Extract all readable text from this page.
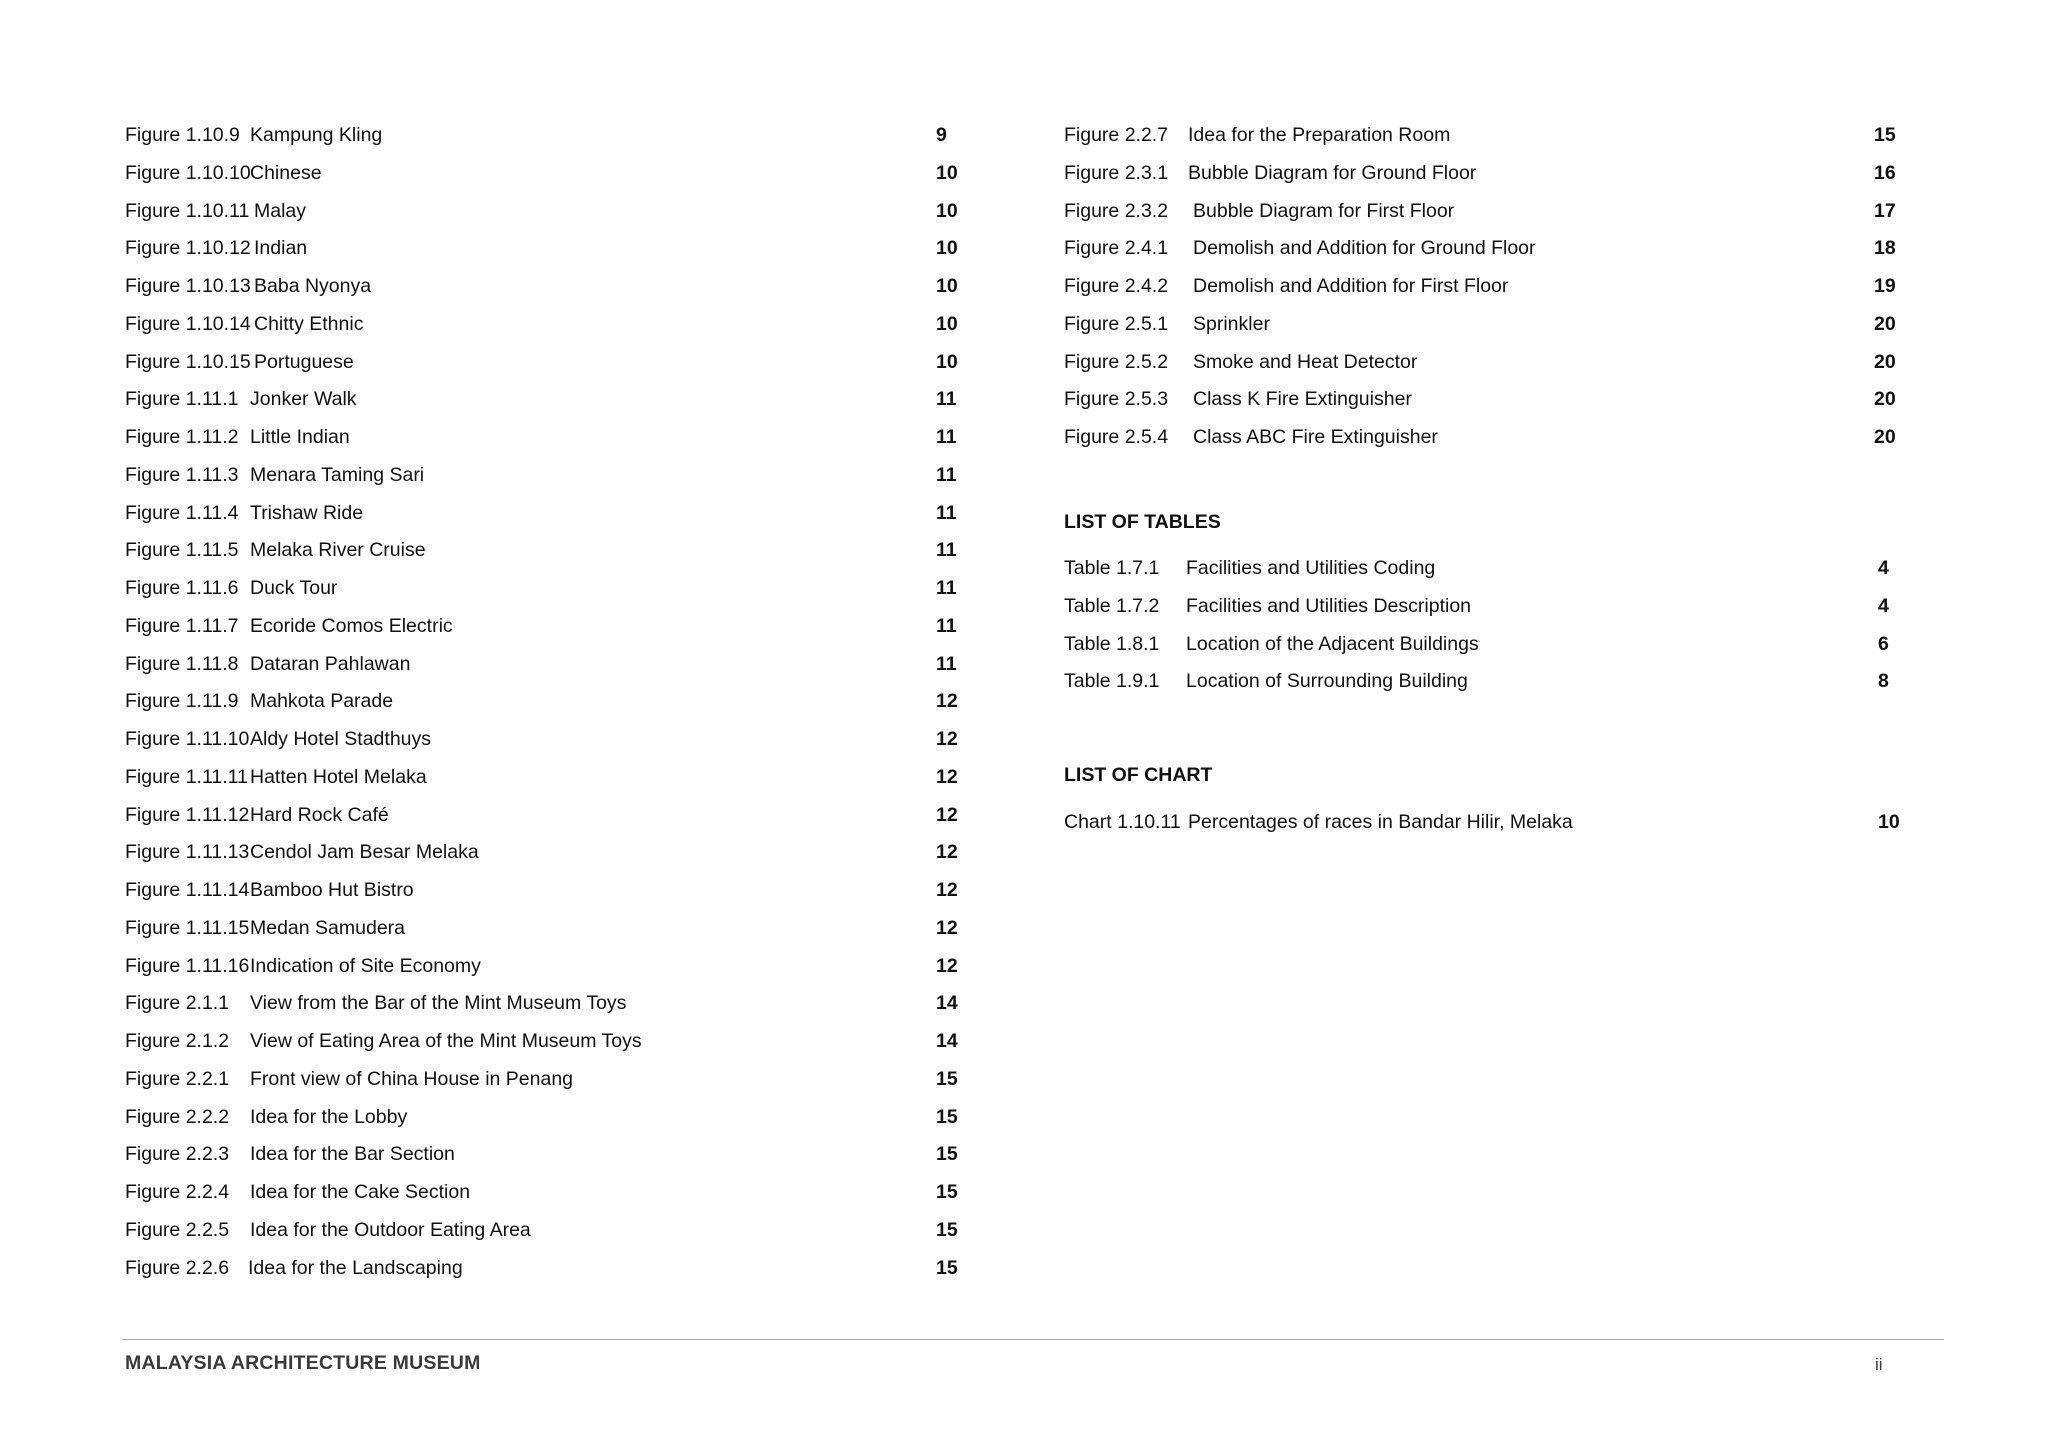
Figure 1.10.9 Kampung Kling	9
Figure 1.10.10 Chinese	10
Figure 1.10.11 Malay	10
Figure 1.10.12 Indian	10
Figure 1.10.13 Baba Nyonya	10
Figure 1.10.14 Chitty Ethnic	10
Figure 1.10.15 Portuguese	10
Figure 1.11.1 Jonker Walk	11
Figure 1.11.2 Little Indian	11
Figure 1.11.3 Menara Taming Sari	11
Figure 1.11.4 Trishaw Ride	11
Figure 1.11.5 Melaka River Cruise	11
Figure 1.11.6 Duck Tour	11
Figure 1.11.7 Ecoride Comos Electric	11
Figure 1.11.8 Dataran Pahlawan	11
Figure 1.11.9 Mahkota Parade	12
Figure 1.11.10 Aldy Hotel Stadthuys	12
Figure 1.11.11 Hatten Hotel Melaka	12
Figure 1.11.12 Hard Rock Café	12
Figure 1.11.13 Cendol Jam Besar Melaka	12
Figure 1.11.14 Bamboo Hut Bistro	12
Figure 1.11.15 Medan Samudera	12
Figure 1.11.16 Indication of Site Economy	12
Figure 2.1.1 View from the Bar of the Mint Museum Toys	14
Figure 2.1.2 View of Eating Area of the Mint Museum Toys	14
Figure 2.2.1 Front view of China House in Penang	15
Figure 2.2.2 Idea for the Lobby	15
Figure 2.2.3 Idea for the Bar Section	15
Figure 2.2.4 Idea for the Cake Section	15
Figure 2.2.5 Idea for the Outdoor Eating Area	15
Figure 2.2.6 Idea for the Landscaping	15
Figure 2.2.7 Idea for the Preparation Room	15
Figure 2.3.1 Bubble Diagram for Ground Floor	16
Figure 2.3.2 Bubble Diagram for First Floor	17
Figure 2.4.1 Demolish and Addition for Ground Floor	18
Figure 2.4.2 Demolish and Addition for First Floor	19
Figure 2.5.1 Sprinkler	20
Figure 2.5.2 Smoke and Heat Detector	20
Figure 2.5.3 Class K Fire Extinguisher	20
Figure 2.5.4 Class ABC Fire Extinguisher	20
LIST OF TABLES
Table 1.7.1 Facilities and Utilities Coding	4
Table 1.7.2 Facilities and Utilities Description	4
Table 1.8.1 Location of the Adjacent Buildings	6
Table 1.9.1 Location of Surrounding Building	8
LIST OF CHART
Chart 1.10.11 Percentages of races in Bandar Hilir, Melaka	10
MALAYSIA ARCHITECTURE MUSEUM	ii
